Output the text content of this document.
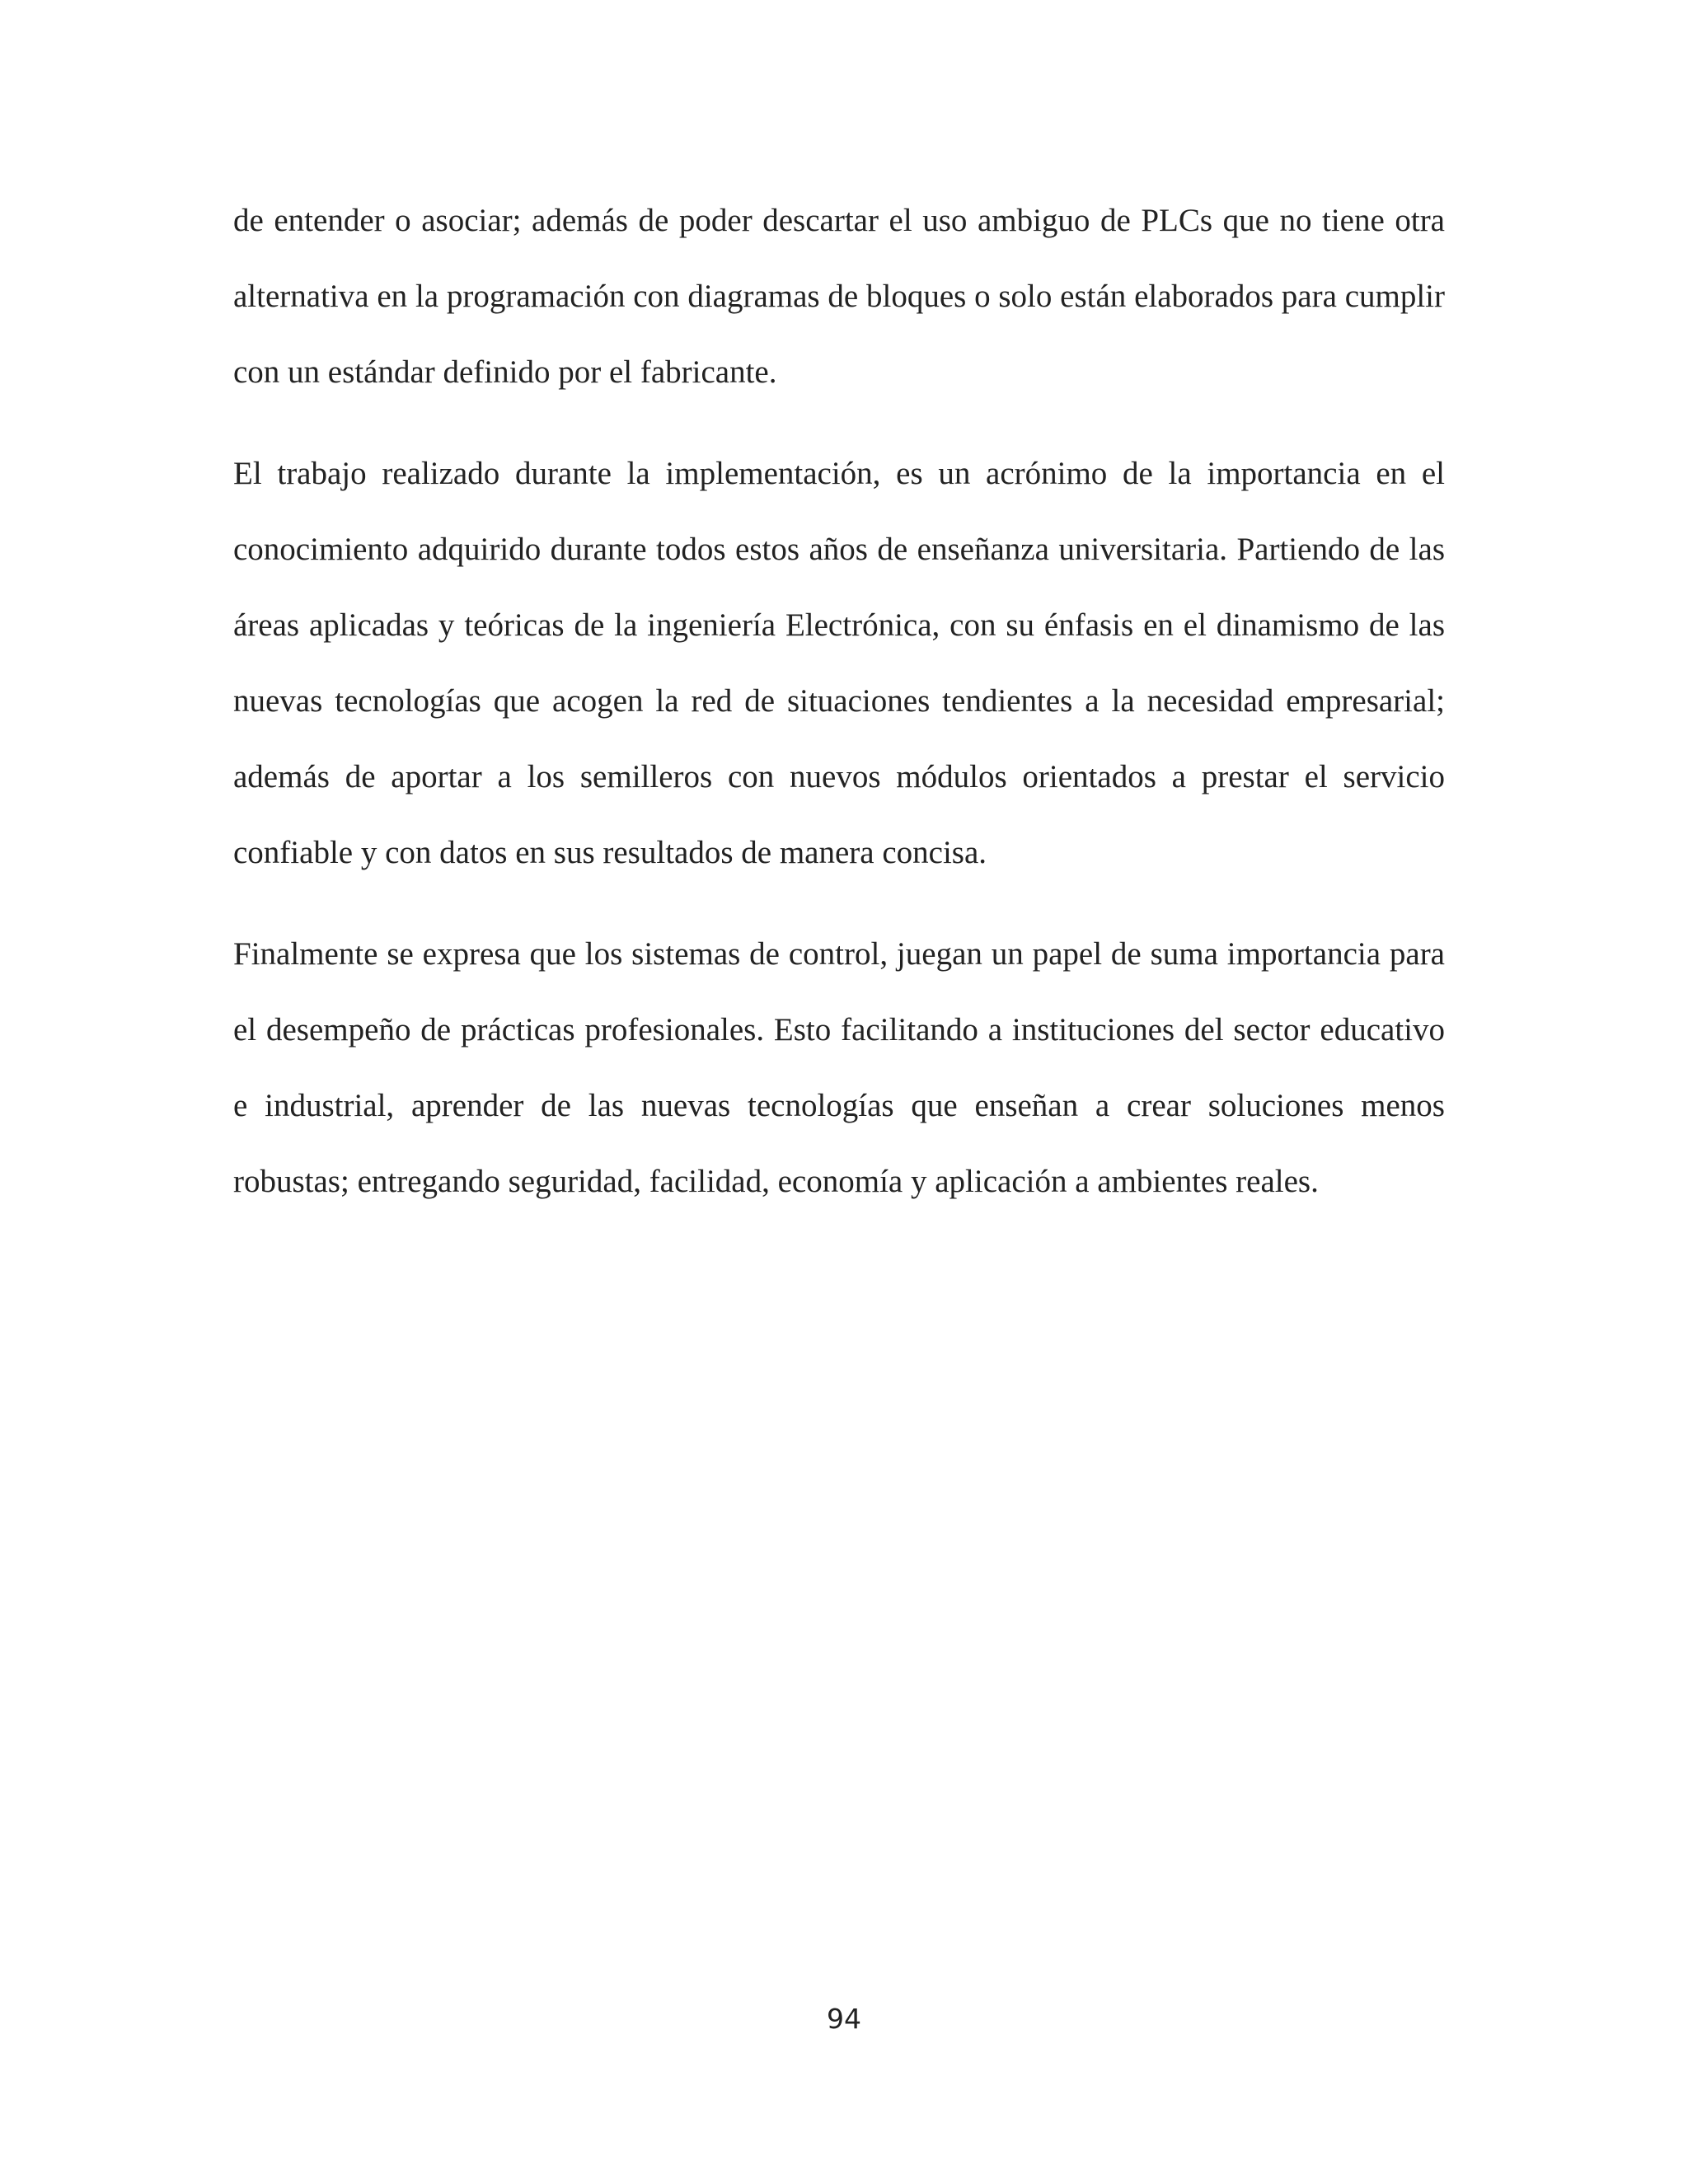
de entender o asociar; además de poder descartar el uso ambiguo de PLCs que no tiene otra alternativa en la programación con diagramas de bloques o solo están elaborados para cumplir con un estándar definido por el fabricante.

El trabajo realizado durante la implementación, es un acrónimo de la importancia en el conocimiento adquirido durante todos estos años de enseñanza universitaria. Partiendo de las áreas aplicadas y teóricas de la ingeniería Electrónica, con su énfasis en el dinamismo de las nuevas tecnologías que acogen la red de situaciones tendientes a la necesidad empresarial; además de aportar a los semilleros con nuevos módulos orientados a prestar el servicio confiable y con datos en sus resultados de manera concisa.

Finalmente se expresa que los sistemas de control, juegan un papel de suma importancia para el desempeño de prácticas profesionales. Esto facilitando a instituciones del sector educativo e industrial, aprender de las nuevas tecnologías que enseñan a crear soluciones menos robustas; entregando seguridad, facilidad, economía y aplicación a ambientes reales.

94
